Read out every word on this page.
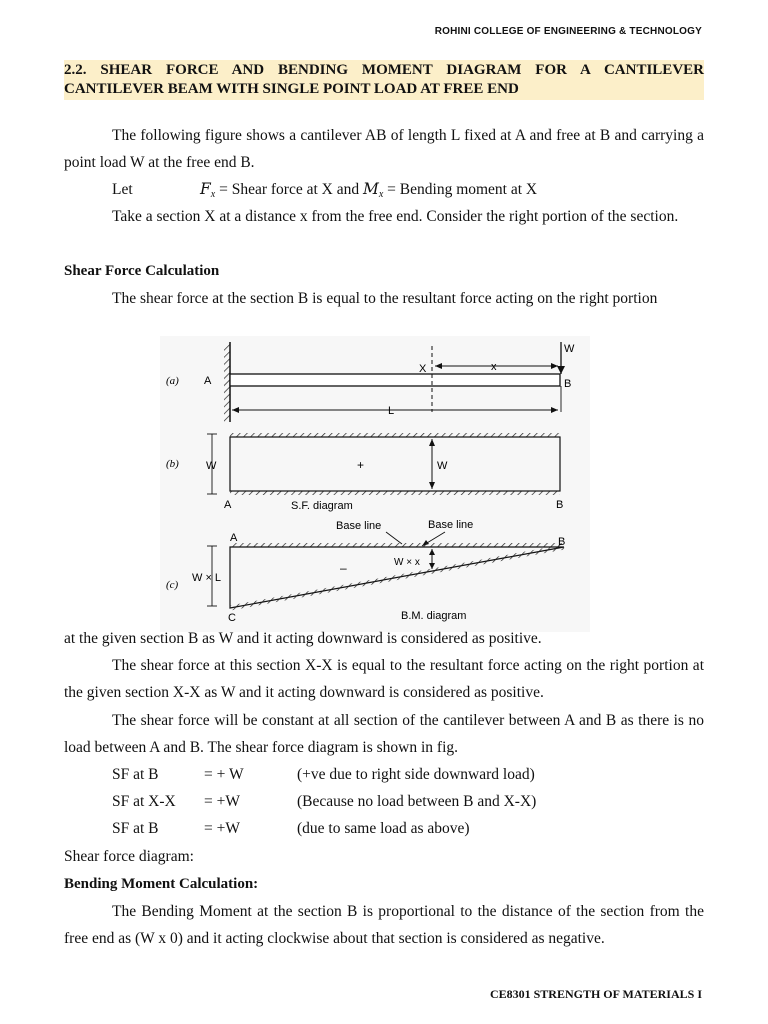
ROHINI COLLEGE OF ENGINEERING & TECHNOLOGY
2.2. SHEAR FORCE AND BENDING MOMENT DIAGRAM FOR A CANTILEVER
CANTILEVER BEAM WITH SINGLE POINT LOAD AT FREE END
The following figure shows a cantilever AB of length L fixed at A and free at B and carrying a point load W at the free end B.
Let	$F_x$ = Shear force at X and $M_x$ = Bending moment at X
Take a section X at a distance x from the free end. Consider the right portion of the section.
Shear Force Calculation
The shear force at the section B is equal to the resultant force acting on the right portion
(a) A	B
W
X	x
L
(b) W	W
+
A	B
S.F. diagram
Base line	Base line
(c)
W × L
W × x
–
A	B
C	B.M. diagram
at the given section B as W and it acting downward is considered as positive.
The shear force at this section X-X is equal to the resultant force acting on the right portion at the given section X-X as W and it acting downward is considered as positive.
The shear force will be constant at all section of the cantilever between A and B as there is no load between A and B. The shear force diagram is shown in fig.
SF at B	= + W	(+ve due to right side downward load)
SF at X-X = +W	(Because no load between B and X-X)
SF at B	= +W	(due to same load as above)
Shear force diagram:
Bending Moment Calculation:
The Bending Moment at the section B is proportional to the distance of the section from the free end as (W x 0) and it acting clockwise about that section is considered as negative.
CE8301 STRENGTH OF MATERIALS I
